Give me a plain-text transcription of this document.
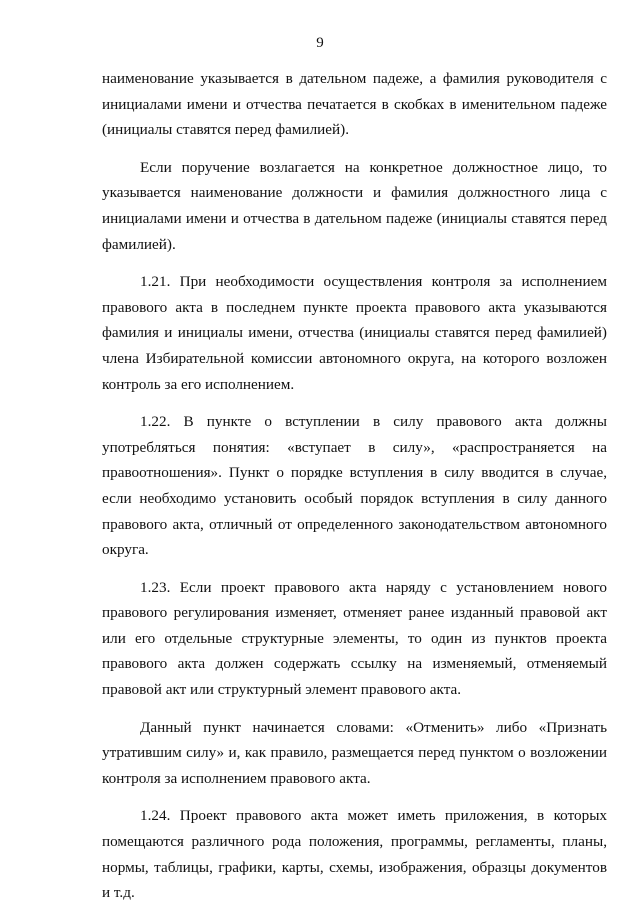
9

наименование указывается в дательном падеже, а фамилия руководителя с инициалами имени и отчества печатается в скобках в именительном падеже (инициалы ставятся перед фамилией).

Если поручение возлагается на конкретное должностное лицо, то указывается наименование должности и фамилия должностного лица с инициалами имени и отчества в дательном падеже (инициалы ставятся перед фамилией).

1.21. При необходимости осуществления контроля за исполнением правового акта в последнем пункте проекта правового акта указываются фамилия и инициалы имени, отчества (инициалы ставятся перед фамилией) члена Избирательной комиссии автономного округа, на которого возложен контроль за его исполнением.

1.22. В пункте о вступлении в силу правового акта должны употребляться понятия: «вступает в силу», «распространяется на правоотношения». Пункт о порядке вступления в силу вводится в случае, если необходимо установить особый порядок вступления в силу данного правового акта, отличный от определенного законодательством автономного округа.

1.23. Если проект правового акта наряду с установлением нового правового регулирования изменяет, отменяет ранее изданный правовой акт или его отдельные структурные элементы, то один из пунктов проекта правового акта должен содержать ссылку на изменяемый, отменяемый правовой акт или структурный элемент правового акта.

Данный пункт начинается словами: «Отменить» либо «Признать утратившим силу» и, как правило, размещается перед пунктом о возложении контроля за исполнением правового акта.

1.24. Проект правового акта может иметь приложения, в которых помещаются различного рода положения, программы, регламенты, планы, нормы, таблицы, графики, карты, схемы, изображения, образцы документов и т.д.
